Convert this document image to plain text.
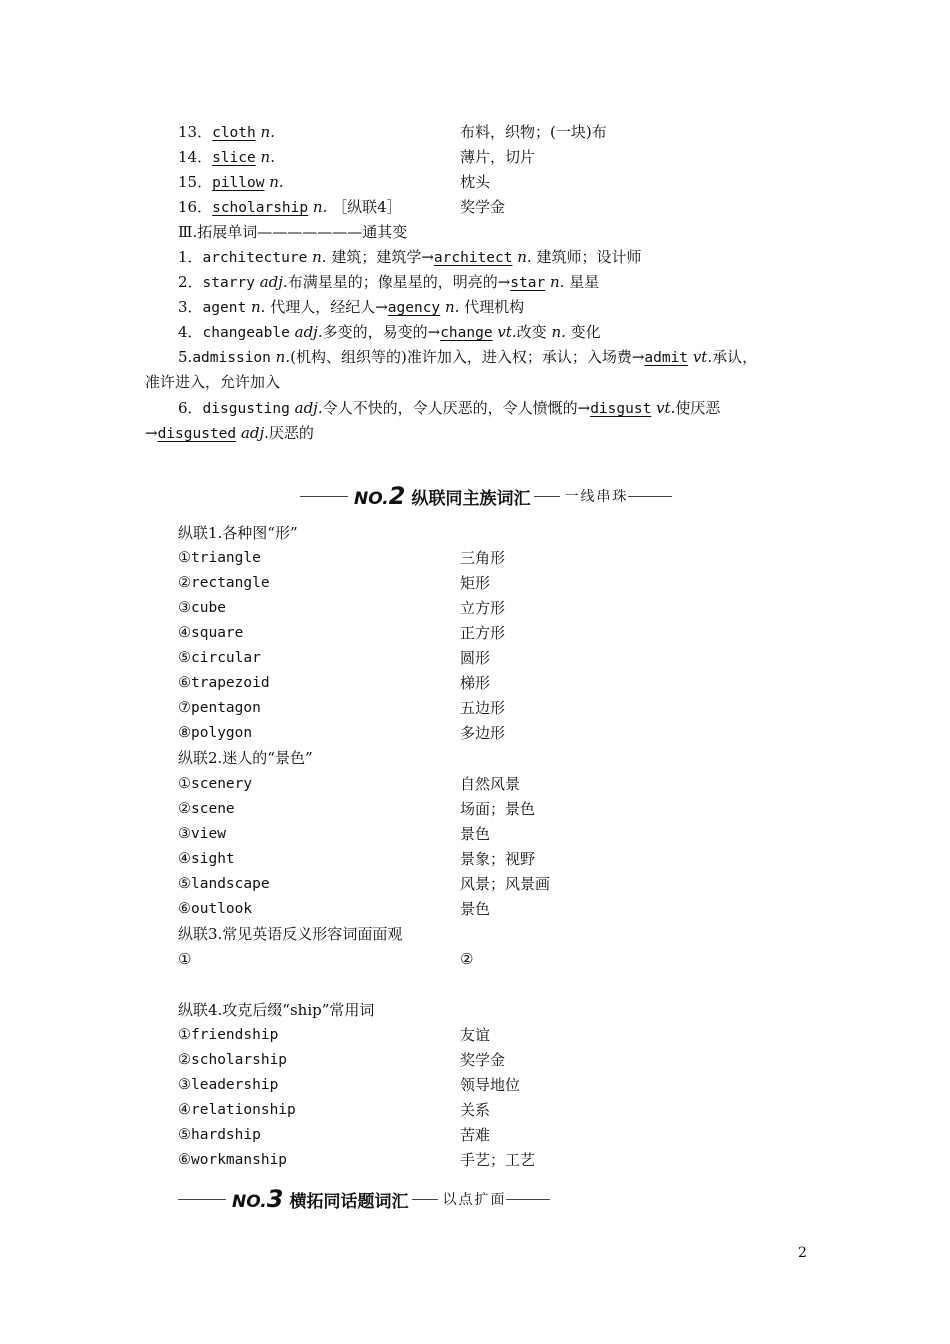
13．cloth n.	布料，织物；(一块)布
14．slice n.	薄片，切片
15．pillow n.	枕头
16．scholarship n. ［纵联4］	奖学金
Ⅲ.拓展单词———————通其变
1．architecture n. 建筑；建筑学→architect n. 建筑师；设计师
2．starry adj.布满星星的；像星星的，明亮的→star n. 星星
3．agent n. 代理人，经纪人→agency n. 代理机构
4．changeable adj.多变的，易变的→change vt.改变 n. 变化
5.admission n.(机构、组织等的)准许加入，进入权；承认；入场费→admit vt.承认，
准许进入，允许加入
6．disgusting adj.令人不快的，令人厌恶的，令人愤慨的→disgust vt.使厌恶
→disgusted adj.厌恶的
NO.2 纵联同主族词汇 一线串珠
纵联1.各种图“形”
①triangle	三角形
②rectangle	矩形
③cube	立方形
④square	正方形
⑤circular	圆形
⑥trapezoid	梯形
⑦pentagon	五边形
⑧polygon	多边形
纵联2.迷人的“景色”
①scenery	自然风景
②scene	场面；景色
③view	景色
④sight	景象；视野
⑤landscape	风景；风景画
⑥outlook	景色
纵联3.常见英语反义形容词面面观
①	②
纵联4.攻克后缀“ship”常用词
①friendship	友谊
②scholarship	奖学金
③leadership	领导地位
④relationship	关系
⑤hardship	苦难
⑥workmanship	手艺；工艺
NO.3 横拓同话题词汇 以点扩面
2
